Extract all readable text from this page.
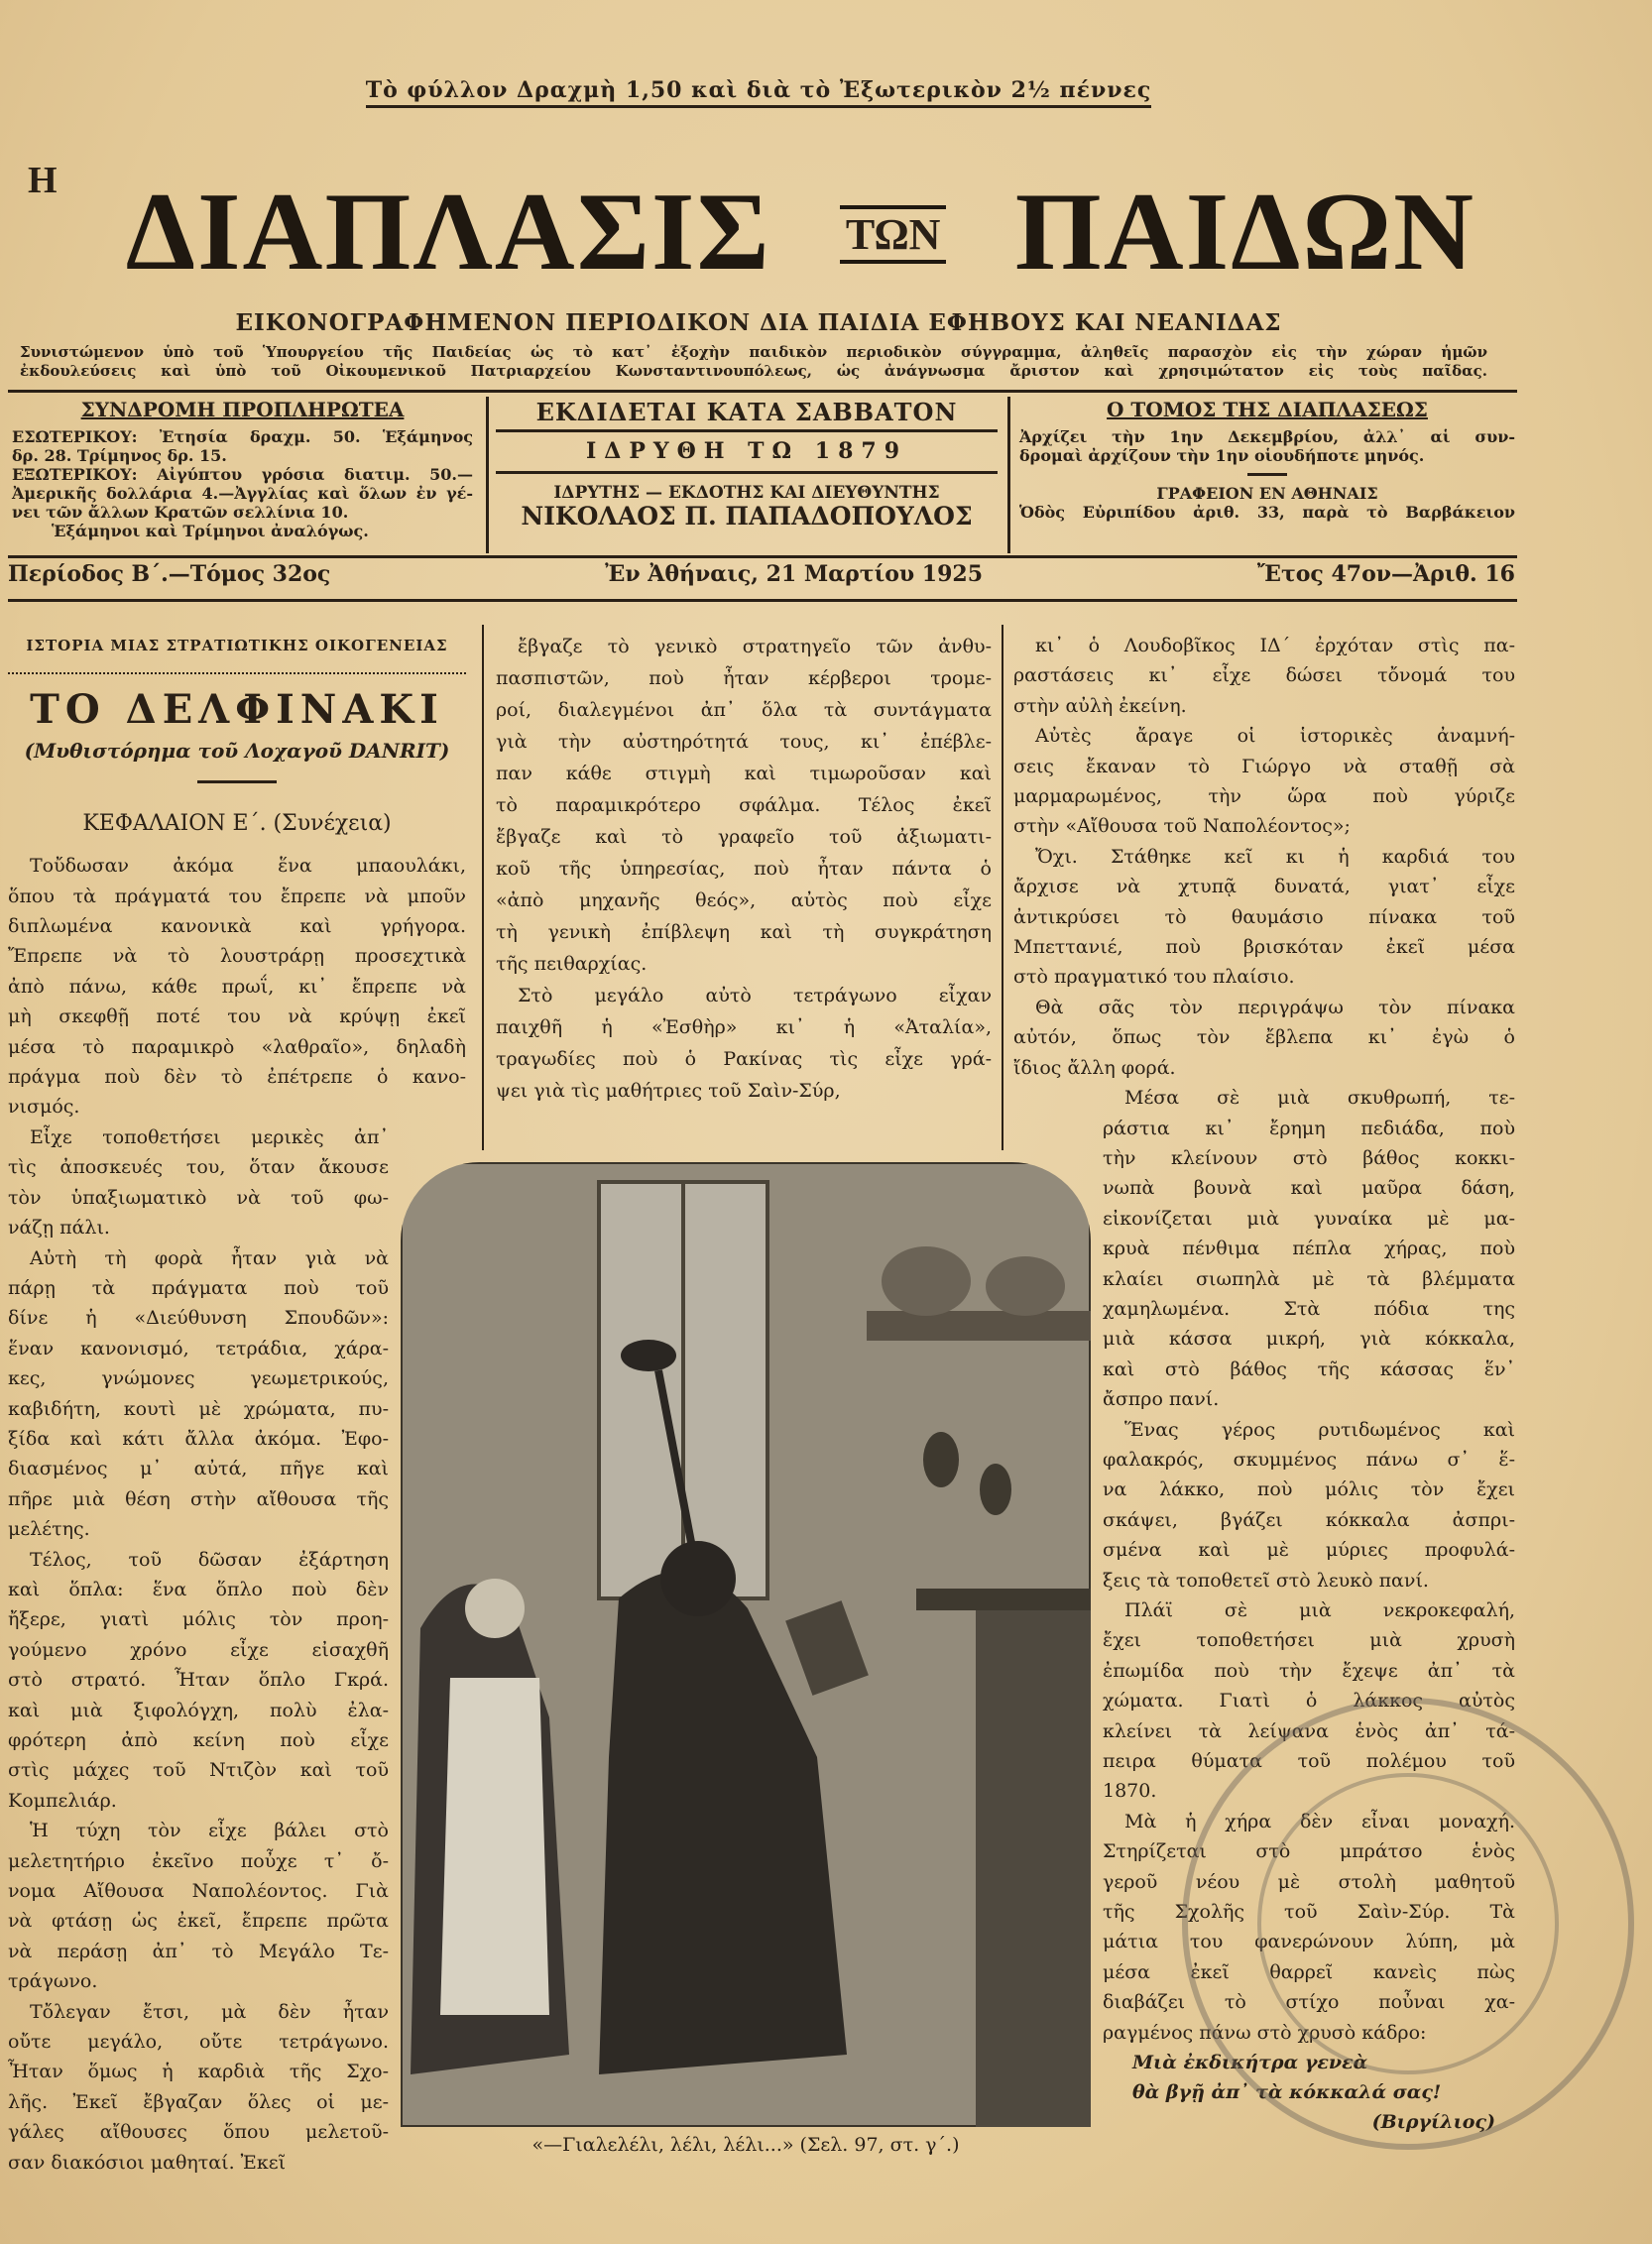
Τὸ φύλλον Δραχμὴ 1,50 καὶ διὰ τὸ Ἐξωτερικὸν 2½ πέννες
Η ΔΙΑΠΛΑΣΙΣ ΤΩΝ ΠΑΙΔΩΝ
ΕΙΚΟΝΟΓΡΑΦΗΜΕΝΟΝ ΠΕΡΙΟΔΙΚΟΝ ΔΙΑ ΠΑΙΔΙΑ ΕΦΗΒΟΥΣ ΚΑΙ ΝΕΑΝΙΔΑΣ
Συνιστώμενον ὑπὸ τοῦ Ὑπουργείου τῆς Παιδείας ὡς τὸ κατ᾿ ἐξοχὴν παιδικὸν περιοδικὸν σύγγραμμα, ἀληθεῖς παρασχὸν εἰς τὴν χώραν ἡμῶν
ἐκδουλεύσεις καὶ ὑπὸ τοῦ Οἰκουμενικοῦ Πατριαρχείου Κωνσταντινουπόλεως, ὡς ἀνάγνωσμα ἄριστον καὶ χρησιμώτατον εἰς τοὺς παῖδας.
ΣΥΝΔΡΟΜΗ ΠΡΟΠΛΗΡΩΤΕΑ
ΕΣΩΤΕΡΙΚΟΥ: Ἐτησία δραχμ. 50. Ἑξάμηνος
δρ. 28. Τρίμηνος δρ. 15.
ΕΞΩΤΕΡΙΚΟΥ: Αἰγύπτου γρόσια διατιμ. 50.—
Ἀμερικῆς δολλάρια 4.—Ἀγγλίας καὶ ὅλων ἐν γέ-
νει τῶν ἄλλων Κρατῶν σελλίνια 10.
Ἑξάμηνοι καὶ Τρίμηνοι ἀναλόγως.
ΕΚΔΙΔΕΤΑΙ ΚΑΤΑ ΣΑΒΒΑΤΟΝ
ΙΔΡΥΘΗ ΤΩ 1879
ΙΔΡΥΤΗΣ — ΕΚΔΟΤΗΣ ΚΑΙ ΔΙΕΥΘΥΝΤΗΣ
ΝΙΚΟΛΑΟΣ Π. ΠΑΠΑΔΟΠΟΥΛΟΣ
Ο ΤΟΜΟΣ ΤΗΣ ΔΙΑΠΛΑΣΕΩΣ
Ἀρχίζει τὴν 1ην Δεκεμβρίου, ἀλλ᾿ αἱ συν-
δρομαὶ ἀρχίζουν τὴν 1ην οἱουδήποτε μηνός.
ΓΡΑΦΕΙΟΝ ΕΝ ΑΘΗΝΑΙΣ
Ὁδὸς Εὐριπίδου ἀριθ. 33, παρὰ τὸ Βαρβάκειον
Περίοδος Β´.—Τόμος 32ος	Ἐν Ἀθήναις, 21 Μαρτίου 1925	Ἔτος 47ον—Ἀριθ. 16
ΙΣΤΟΡΙΑ ΜΙΑΣ ΣΤΡΑΤΙΩΤΙΚΗΣ ΟΙΚΟΓΕΝΕΙΑΣ
ΤΟ ΔΕΛΦΙΝΑΚΙ
(Μυθιστόρημα τοῦ Λοχαγοῦ DANRIT)
ΚΕΦΑΛΑΙΟΝ Ε´. (Συνέχεια)
Τοὔδωσαν ἀκόμα ἕνα μπαουλάκι,
ὅπου τὰ πράγματά του ἔπρεπε νὰ μποῦν
διπλωμένα κανονικὰ καὶ γρήγορα.
Ἔπρεπε νὰ τὸ λουστράρῃ προσεχτικὰ
ἀπὸ πάνω, κάθε πρωΐ, κι᾿ ἔπρεπε νὰ
μὴ σκεφθῇ ποτέ του νὰ κρύψῃ ἐκεῖ
μέσα τὸ παραμικρὸ «λαθραῖο», δηλαδὴ
πράγμα ποὺ δὲν τὸ ἐπέτρεπε ὁ κανο-
νισμός.
Εἶχε τοποθετήσει μερικὲς ἀπ᾿
τὶς ἀποσκευές του, ὅταν ἄκουσε
τὸν ὑπαξιωματικὸ νὰ τοῦ φω-
νάζῃ πάλι.
Αὐτὴ τὴ φορὰ ἦταν γιὰ νὰ
πάρῃ τὰ πράγματα ποὺ τοῦ
δίνε ἡ «Διεύθυνση Σπουδῶν»:
ἕναν κανονισμό, τετράδια, χάρα-
κες, γνώμονες γεωμετρικούς,
καβιδήτη, κουτὶ μὲ χρώματα, πυ-
ξίδα καὶ κάτι ἄλλα ἀκόμα. Ἐφο-
διασμένος μ᾿ αὐτά, πῆγε καὶ
πῆρε μιὰ θέση στὴν αἴθουσα τῆς
μελέτης.
Τέλος, τοῦ δῶσαν ἐξάρτηση
καὶ ὅπλα: ἕνα ὅπλο ποὺ δὲν
ἤξερε, γιατὶ μόλις τὸν προη-
γούμενο χρόνο εἶχε εἰσαχθῆ
στὸ στρατό. Ἦταν ὅπλο Γκρά.
καὶ μιὰ ξιφολόγχη, πολὺ ἐλα-
φρότερη ἀπὸ κείνη ποὺ εἶχε
στὶς μάχες τοῦ Ντιζὸν καὶ τοῦ
Κομπελιάρ.
Ἡ τύχη τὸν εἶχε βάλει στὸ
μελετητήριο ἐκεῖνο ποὖχε τ᾿ ὄ-
νομα Αἴθουσα Ναπολέοντος. Γιὰ
νὰ φτάσῃ ὡς ἐκεῖ, ἔπρεπε πρῶτα
νὰ περάσῃ ἀπ᾿ τὸ Μεγάλο Τε-
τράγωνο.
Τὄλεγαν ἔτσι, μὰ δὲν ἦταν
οὔτε μεγάλο, οὔτε τετράγωνο.
Ἦταν ὅμως ἡ καρδιὰ τῆς Σχο-
λῆς. Ἐκεῖ ἔβγαζαν ὅλες οἱ με-
γάλες αἴθουσες ὅπου μελετοῦ-
σαν διακόσιοι μαθηταί. Ἐκεῖ
ἔβγαζε τὸ γενικὸ στρατηγεῖο τῶν ἀνθυ-
πασπιστῶν, ποὺ ἦταν κέρβεροι τρομε-
ροί, διαλεγμένοι ἀπ᾿ ὅλα τὰ συντάγματα
γιὰ τὴν αὐστηρότητά τους, κι᾿ ἐπέβλε-
παν κάθε στιγμὴ καὶ τιμωροῦσαν καὶ
τὸ παραμικρότερο σφάλμα. Τέλος ἐκεῖ
ἔβγαζε καὶ τὸ γραφεῖο τοῦ ἀξιωματι-
κοῦ τῆς ὑπηρεσίας, ποὺ ἦταν πάντα ὁ
«ἀπὸ μηχανῆς θεός», αὐτὸς ποὺ εἶχε
τὴ γενικὴ ἐπίβλεψη καὶ τὴ συγκράτηση
τῆς πειθαρχίας.
Στὸ μεγάλο αὐτὸ τετράγωνο εἶχαν
παιχθῆ ἡ «Ἐσθὴρ» κι᾿ ἡ «Ἀταλία»,
τραγωδίες ποὺ ὁ Ρακίνας τὶς εἶχε γρά-
ψει γιὰ τὶς μαθήτριες τοῦ Σαὶν-Σύρ,
κι᾿ ὁ Λουδοβῖκος ΙΔ´ ἐρχόταν στὶς πα-
ραστάσεις κι᾿ εἶχε δώσει τὄνομά του
στὴν αὐλὴ ἐκείνη.
Αὐτὲς ἄραγε οἱ ἱστορικὲς ἀναμνή-
σεις ἔκαναν τὸ Γιώργο νὰ σταθῇ σὰ
μαρμαρωμένος, τὴν ὥρα ποὺ γύριζε
στὴν «Αἴθουσα τοῦ Ναπολέοντος»;
Ὄχι. Στάθηκε κεῖ κι ἡ καρδιά του
ἄρχισε νὰ χτυπᾷ δυνατά, γιατ᾿ εἶχε
ἀντικρύσει τὸ θαυμάσιο πίνακα τοῦ
Μπεττανιέ, ποὺ βρισκόταν ἐκεῖ μέσα
στὸ πραγματικό του πλαίσιο.
Θὰ σᾶς τὸν περιγράψω τὸν πίνακα
αὐτόν, ὅπως τὸν ἔβλεπα κι᾿ ἐγὼ ὁ
ἴδιος ἄλλη φορά.
Μέσα σὲ μιὰ σκυθρωπή, τε-
ράστια κι᾿ ἔρημη πεδιάδα, ποὺ
τὴν κλείνουν στὸ βάθος κοκκι-
νωπὰ βουνὰ καὶ μαῦρα δάση,
εἰκονίζεται μιὰ γυναίκα μὲ μα-
κρυὰ πένθιμα πέπλα χήρας, ποὺ
κλαίει σιωπηλὰ μὲ τὰ βλέμματα
χαμηλωμένα. Στὰ πόδια της
μιὰ κάσσα μικρή, γιὰ κόκκαλα,
καὶ στὸ βάθος τῆς κάσσας ἕν᾿
ἄσπρο πανί.
Ἕνας γέρος ρυτιδωμένος καὶ
φαλακρός, σκυμμένος πάνω σ᾿ ἕ-
να λάκκο, ποὺ μόλις τὸν ἔχει
σκάψει, βγάζει κόκκαλα ἀσπρι-
σμένα καὶ μὲ μύριες προφυλά-
ξεις τὰ τοποθετεῖ στὸ λευκὸ πανί.
Πλάϊ σὲ μιὰ νεκροκεφαλή,
ἔχει τοποθετήσει μιὰ χρυσὴ
ἐπωμίδα ποὺ τὴν ἔχεψε ἀπ᾿ τὰ
χώματα. Γιατὶ ὁ λάκκος αὐτὸς
κλείνει τὰ λείψανα ἑνὸς ἀπ᾿ τά-
πειρα θύματα τοῦ πολέμου τοῦ
1870.
Μὰ ἡ χήρα δὲν εἶναι μοναχή.
Στηρίζεται στὸ μπράτσο ἑνὸς
γεροῦ νέου μὲ στολὴ μαθητοῦ
τῆς Σχολῆς τοῦ Σαὶν-Σύρ. Τὰ
μάτια του φανερώνουν λύπη, μὰ
μέσα ἐκεῖ θαρρεῖ κανεὶς πὼς
διαβάζει τὸ στίχο ποὖναι χα-
ραγμένος πάνω στὸ χρυσὸ κάδρο:
Μιὰ ἐκδικήτρα γενεὰ
θὰ βγῇ ἀπ᾿ τὰ κόκκαλά σας!
(Βιργίλιος)
«—Γιαλελέλι, λέλι, λέλι...» (Σελ. 97, στ. γ´.)
